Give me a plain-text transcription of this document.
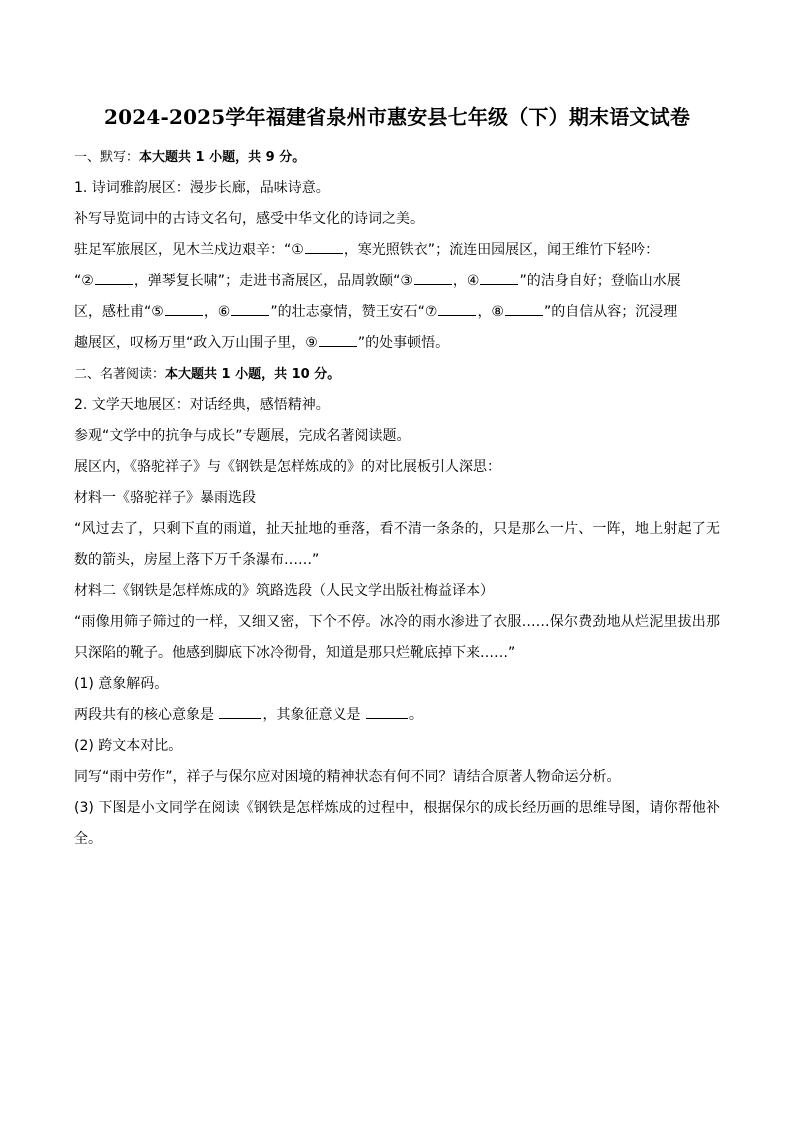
2024-2025学年福建省泉州市惠安县七年级（下）期末语文试卷

一、默写：本大题共 1 小题，共 9 分。

1. 诗词雅韵展区：漫步长廊，品味诗意。

补写导览词中的古诗文名句，感受中华文化的诗词之美。

驻足军旅展区，见木兰戍边艰辛：“①	，寒光照铁衣”；流连田园展区，闻王维竹下轻吟：

“②	，弹琴复长啸”；走进书斋展区，品周敦颐“③	，④	”的洁身自好；登临山水展

区，感杜甫“⑤	，⑥	”的壮志豪情，赞王安石“⑦	，⑧	”的自信从容；沉浸理

趣展区，叹杨万里“政入万山围子里，⑨	”的处事顿悟。

二、名著阅读：本大题共 1 小题，共 10 分。

2. 文学天地展区：对话经典，感悟精神。

参观“文学中的抗争与成长”专题展，完成名著阅读题。

展区内，《骆驼祥子》与《钢铁是怎样炼成的》的对比展板引人深思：

材料一《骆驼祥子》暴雨选段

“风过去了，只剩下直的雨道，扯天扯地的垂落，看不清一条条的，只是那么一片、一阵，地上射起了无数的箭头，房屋上落下万千条瀑布……”

材料二《钢铁是怎样炼成的》筑路选段（人民文学出版社梅益译本）

“雨像用筛子筛过的一样，又细又密，下个不停。冰冷的雨水渗进了衣服……保尔费劲地从烂泥里拔出那只深陷的靴子。他感到脚底下冰冷彻骨，知道是那只烂靴底掉下来……”

(1) 意象解码。

两段共有的核心意象是	，其象征意义是	。

(2) 跨文本对比。

同写“雨中劳作”，祥子与保尔应对困境的精神状态有何不同？请结合原著人物命运分析。

(3) 下图是小文同学在阅读《钢铁是怎样炼成的过程中，根据保尔的成长经历画的思维导图，请你帮他补全。
